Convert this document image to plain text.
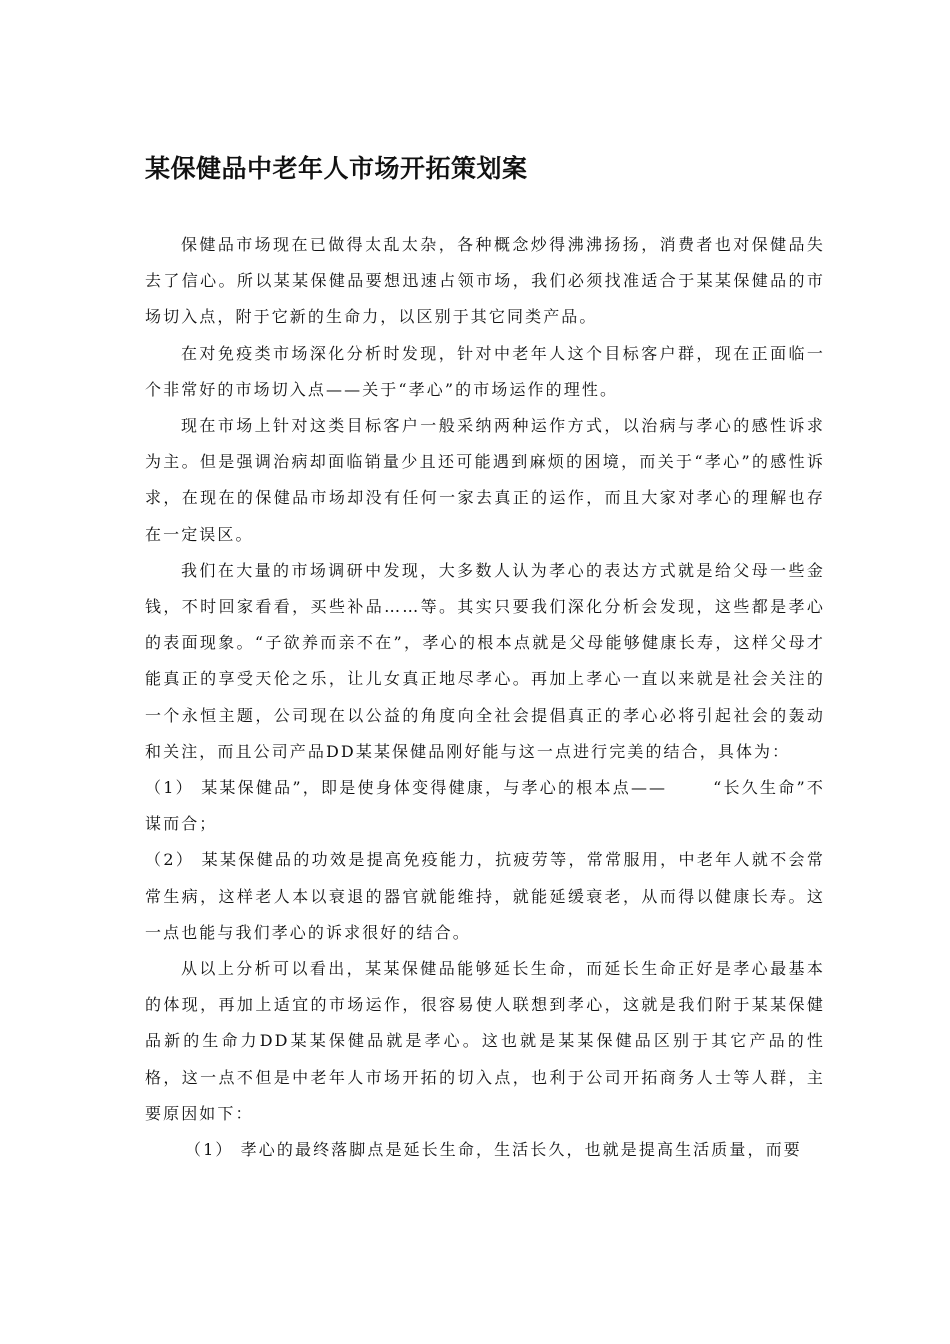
某保健品中老年人市场开拓策划案

保健品市场现在已做得太乱太杂，各种概念炒得沸沸扬扬，消费者也对保健品失去了信心。所以某某保健品要想迅速占领市场，我们必须找准适合于某某保健品的市场切入点，附于它新的生命力，以区别于其它同类产品。

在对免疫类市场深化分析时发现，针对中老年人这个目标客户群，现在正面临一个非常好的市场切入点——关于“孝心”的市场运作的理性。

现在市场上针对这类目标客户一般采纳两种运作方式，以治病与孝心的感性诉求为主。但是强调治病却面临销量少且还可能遇到麻烦的困境，而关于“孝心”的感性诉求，在现在的保健品市场却没有任何一家去真正的运作，而且大家对孝心的理解也存在一定误区。

我们在大量的市场调研中发现，大多数人认为孝心的表达方式就是给父母一些金钱，不时回家看看，买些补品……等。其实只要我们深化分析会发现，这些都是孝心的表面现象。“子欲养而亲不在”，孝心的根本点就是父母能够健康长寿，这样父母才能真正的享受天伦之乐，让儿女真正地尽孝心。再加上孝心一直以来就是社会关注的一个永恒主题，公司现在以公益的角度向全社会提倡真正的孝心必将引起社会的轰动和关注，而且公司产品DD某某保健品刚好能与这一点进行完美的结合，具体为：

（1） 某某保健品”，即是使身体变得健康，与孝心的根本点——	“长久生命”不谋而合；

（2） 某某保健品的功效是提高免疫能力，抗疲劳等，常常服用，中老年人就不会常常生病，这样老人本以衰退的器官就能维持，就能延缓衰老，从而得以健康长寿。这一点也能与我们孝心的诉求很好的结合。

从以上分析可以看出，某某保健品能够延长生命，而延长生命正好是孝心最基本的体现，再加上适宜的市场运作，很容易使人联想到孝心，这就是我们附于某某保健品新的生命力DD某某保健品就是孝心。这也就是某某保健品区别于其它产品的性格，这一点不但是中老年人市场开拓的切入点，也利于公司开拓商务人士等人群，主要原因如下：

（1） 孝心的最终落脚点是延长生命，生活长久，也就是提高生活质量，而要
